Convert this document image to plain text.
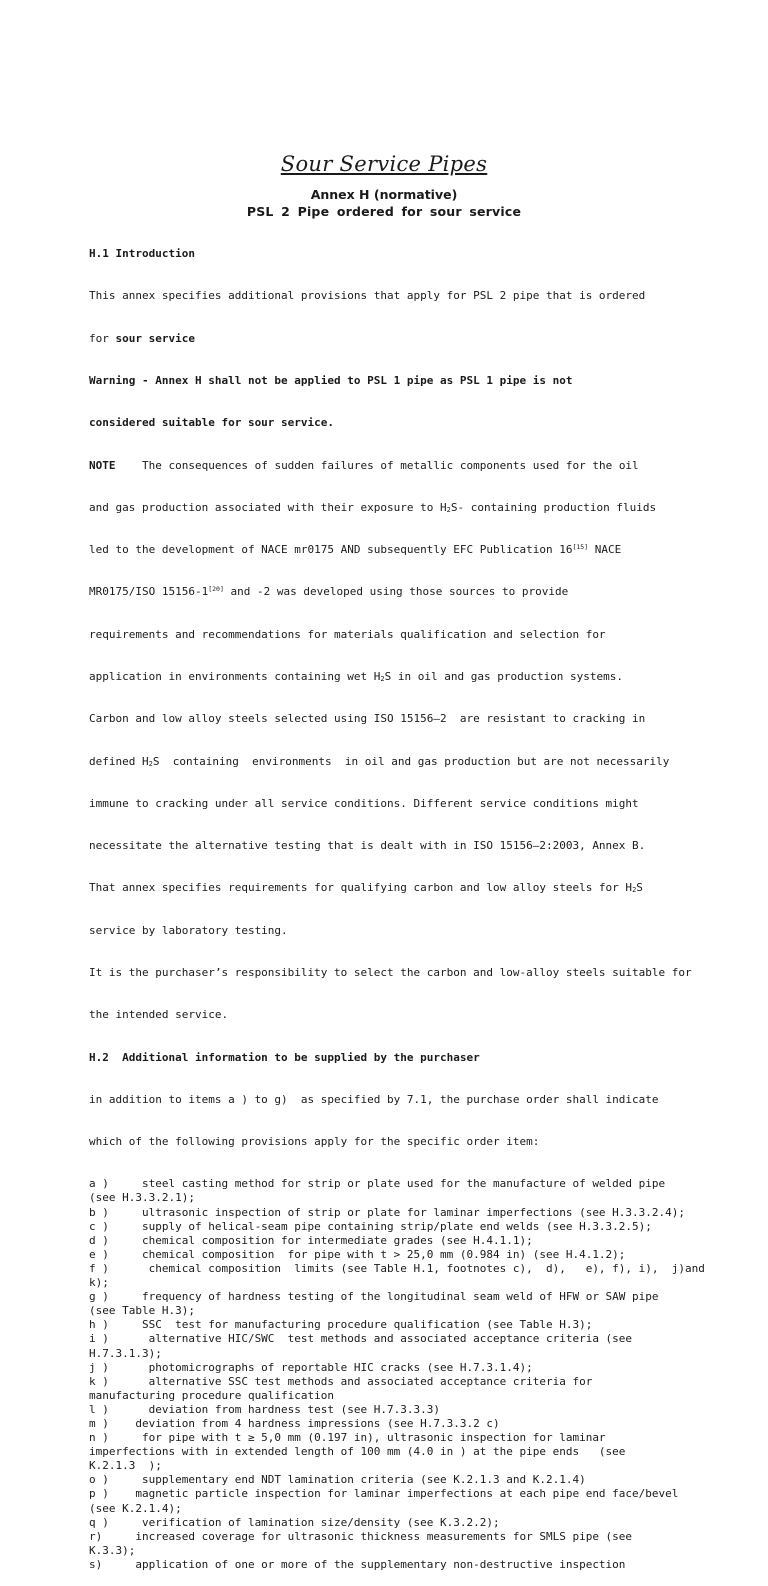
Sour Service Pipes
Annex H (normative)
PSL 2 Pipe ordered for sour service

H.1 Introduction

This annex specifies additional provisions that apply for PSL 2 pipe that is ordered

for sour service

Warning - Annex H shall not be applied to PSL 1 pipe as PSL 1 pipe is not

considered suitable for sour service.

NOTE    The consequences of sudden failures of metallic components used for the oil

and gas production associated with their exposure to $H_2S-$ containing production fluids

led to the development of NACE mr0175 AND subsequently EFC Publication 16[15] NACE

MR0175/ISO 15156-1[20] and -2 was developed using those sources to provide

requirements and recommendations for materials qualification and selection for

application in environments containing wet $H_2S$ in oil and gas production systems.

Carbon and low alloy steels selected using ISO 15156—2  are resistant to cracking in

defined $H_2S$  containing  environments  in oil and gas production but are not necessarily

immune to cracking under all service conditions. Different service conditions might

necessitate the alternative testing that is dealt with in ISO 15156—2:2003, Annex B.

That annex specifies requirements for qualifying carbon and low alloy steels for $H_2S$

service by laboratory testing.

It is the purchaser’s responsibility to select the carbon and low-alloy steels suitable for

the intended service.

H.2  Additional information to be supplied by the purchaser

in addition to items a ) to g)  as specified by 7.1, the purchase order shall indicate

which of the following provisions apply for the specific order item:

a )     steel casting method for strip or plate used for the manufacture of welded pipe
(see H.3.3.2.1);
b )     ultrasonic inspection of strip or plate for laminar imperfections (see H.3.3.2.4);
c )     supply of helical-seam pipe containing strip/plate end welds (see H.3.3.2.5);
d )     chemical composition for intermediate grades (see H.4.1.1);
e )     chemical composition  for pipe with t > 25,0 mm (0.984 in) (see H.4.1.2);
f )      chemical composition  limits (see Table H.1, footnotes c),  d),   e), f), i),  j)and
k);
g )     frequency of hardness testing of the longitudinal seam weld of HFW or SAW pipe
(see Table H.3);
h )     SSC  test for manufacturing procedure qualification (see Table H.3);
i )      alternative HIC/SWC  test methods and associated acceptance criteria (see
H.7.3.1.3);
j )      photomicrographs of reportable HIC cracks (see H.7.3.1.4);
k )      alternative SSC test methods and associated acceptance criteria for
manufacturing procedure qualification
l )      deviation from hardness test (see H.7.3.3.3)
m )    deviation from 4 hardness impressions (see H.7.3.3.2 c)
n )     for pipe with t ≥ 5,0 mm (0.197 in), ultrasonic inspection for laminar
imperfections with in extended length of 100 mm (4.0 in ) at the pipe ends   (see
K.2.1.3  );
o )     supplementary end NDT lamination criteria (see K.2.1.3 and K.2.1.4)
p )    magnetic particle inspection for laminar imperfections at each pipe end face/bevel
(see K.2.1.4);
q )     verification of lamination size/density (see K.3.2.2);
r)     increased coverage for ultrasonic thickness measurements for SMLS pipe (see
K.3.3);
s)     application of one or more of the supplementary non-destructive inspection
